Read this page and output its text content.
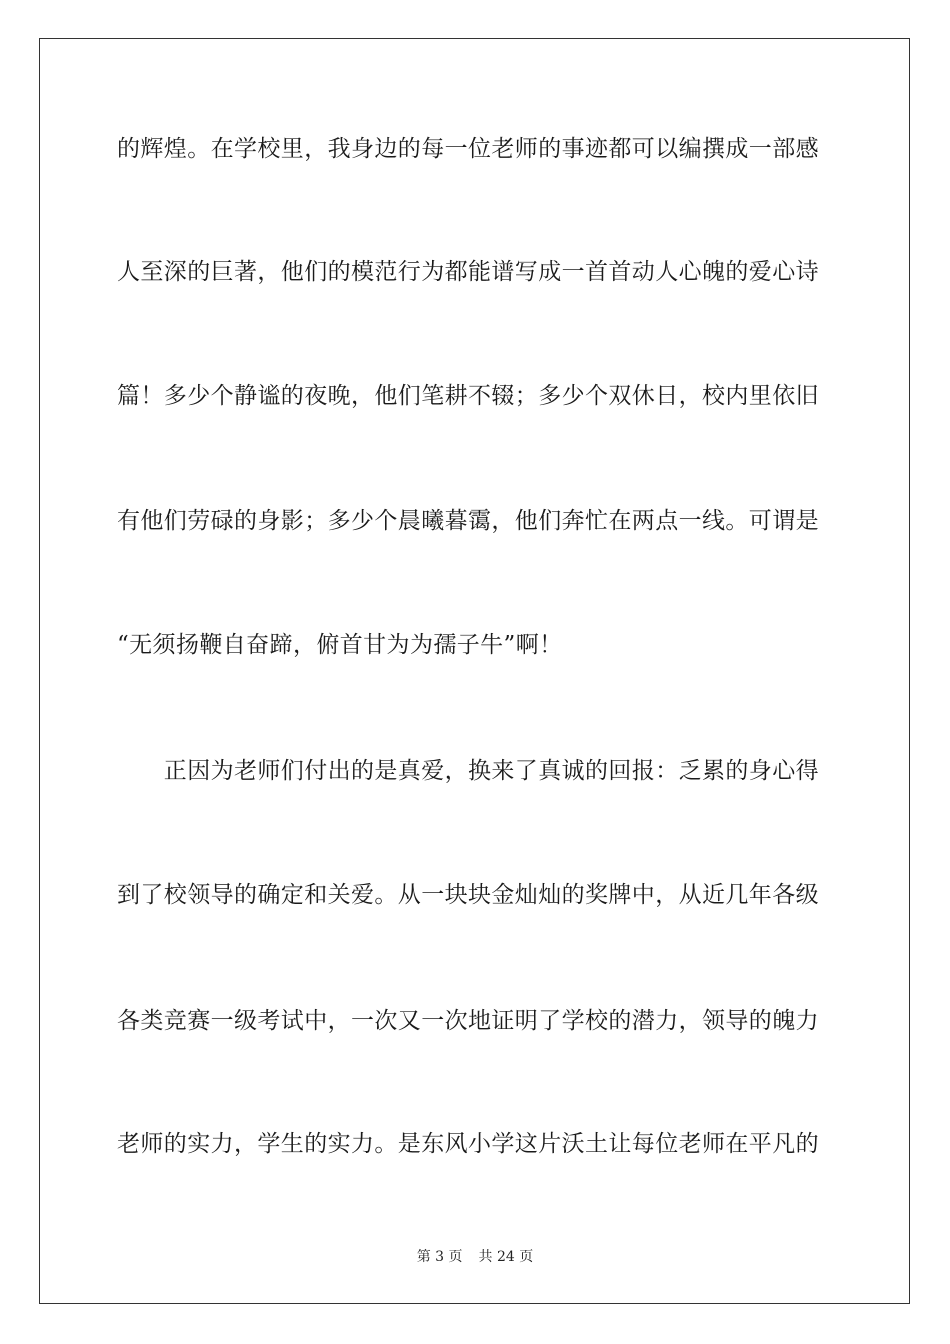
的辉煌。在学校里，我身边的每一位老师的事迹都可以编撰成一部感
人至深的巨著，他们的模范行为都能谱写成一首首动人心魄的爱心诗
篇！多少个静谧的夜晚，他们笔耕不辍；多少个双休日，校内里依旧
有他们劳碌的身影；多少个晨曦暮霭，他们奔忙在两点一线。可谓是
“无须扬鞭自奋蹄，俯首甘为为孺子牛”啊！
　　正因为老师们付出的是真爱，换来了真诚的回报：乏累的身心得
到了校领导的确定和关爱。从一块块金灿灿的奖牌中，从近几年各级
各类竞赛一级考试中，一次又一次地证明了学校的潜力，领导的魄力
老师的实力，学生的实力。是东风小学这片沃土让每位老师在平凡的
第 3 页 共 24 页
